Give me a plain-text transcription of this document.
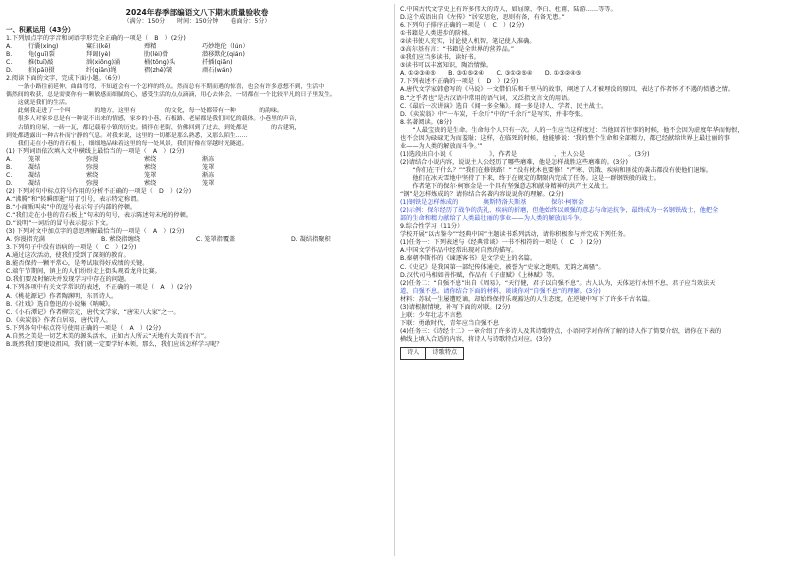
2024年春季部编语文八下期末质量验收卷
（满分：150分　　时间：150分钟　　卷面分：5分）
一、积累运用（43分）
1.下列加点字的字音和词语字形完全正确的一项是（　B　）(2分)
A.	行囊(xíng)	窠臼(kē)	殚精	巧妙绝伦（lún）
B.	龟(guī)裂	拜谒(yè)	肋(lèi)骨	潜移默化(qián)
C.	推(tuī)敲	汹(xiōng)涌	桶(tǒng)头	扦插(qiān)
D.	拍(pāi)摄	纤(qiān)绳	褶(zhě)皱	顽石(wán)
2.阅读下面的文字，完成下面小题。（6分）
　　一条小路往前延伸，曲曲弯弯，不知道会有一个怎样的终点。然而总有不期而遇的惊喜，也会有许多意想不到，生活中
偶然间的收获，总是需要你有一颗敏感而细腻的心，感受生活的点点滴滴，用心去体会，一切都在一个比较平凡的日子里发生。
　　这就是我们的生活。
　　此刻我走进了一个叫　　　　的地方，这里有　　　　　的文化，每一处都带有一种　　　　的韵味。
　　很多人对家乡总是有一种说不出来的情感，家乡的小巷、石板路、老屋都是我们回忆的载体。小巷里的声音，
　　古镇的房屋，一砖一瓦，都记载着小镇的历史。徜徉在老街，仿佛回到了过去，到处都是　　　　的古建筑，
到处都透露出一种古朴而宁静的气息。对我来说，这里的一切都是那么熟悉，又那么陌生……
　　我们走在小巷的青石板上，细细地品味着这里的每一处风景，我们好像在穿越时光隧道。
(1) 下列词语依次填入文中横线上最恰当的一项是（　A　）(2分)
A.	笼罩	弥漫	萦绕	渐冻
B.	凝结	弥漫	萦绕	笼罩
C.	凝结	萦绕	笼罩	渐冻
D.	凝结	弥漫	萦绕	笼罩
(2) 下列对句中标点符号作用的分析不正确的一项是（　D　）(2分)
A.“沸腾”和“转瞬即逝”用了引号，表示特定称谓。
B.“小商贩叫卖”中的逗号表示句子内部的停顿。
C.“我们走在小巷的青石板上”句末的句号，表示陈述句末尾的停顿。
D.“说明”一词后的冒号表示提示下文。
(3) 下列对文中加点字的意思理解最恰当的一项是（　A　）(2分)
A. 弥漫指充满	B. 萦绕指缠绕	C. 笼罩指覆盖	D. 凝结指聚积
3.下列句子中没有语病的一项是（　C　）(2分)
A.通过这次活动，使我们受到了深刻的教育。
B.能否保持一颗平常心，是考试取得好成绩的关键。
C.端午节期间，镇上的人们纷纷走上街头观看龙舟比赛。
D.我们要及时解决并发现学习中存在的问题。
4.下列各项中有关文学常识的表述，不正确的一项是（　A　）(2分)
A.《桃花源记》作者陶渊明，东晋诗人。
B.《社戏》选自鲁迅的小说集《呐喊》。
C.《小石潭记》作者柳宗元，唐代文学家，“唐宋八大家”之一。
D.《卖炭翁》作者白居易，唐代诗人。
5.下列各句中标点符号使用正确的一项是（　A　）(2分)
A.自然之美是一切艺术美的源头活水，正如古人所云“天地有大美而不言”。
B.既然我们要建设祖国，我们就一定要学好本领，那么，我们应该怎样学习呢？
C.中国古代文学史上有许多伟大的诗人，如屈原、李白、杜甫、陆游……等等。
D.这个成语出自《左传》“居安思危，思则有备，有备无患。”
6.下列句子排序正确的一项是（　C　）(2分)
①书籍是人类进步的阶梯。
②读书使人充实，讨论使人机智，笔记使人准确。
③高尔基有言：“书籍是全世界的营养品。”
④我们应当多读书，读好书。
⑤读书可以丰富知识，陶冶情操。
A. ①②③④⑤　　B. ③①⑤②④　　C. ③①②⑤④　　D. ①③②④⑤
7.下列表述不正确的一项是（　D　）(2分)
A.唐代文学家韩愈写的《马说》一文借伯乐和千里马的故事，阐述了人才被埋没的原因，表达了作者怀才不遇的愤懑之情。
B.“之乎者也”是古汉语中常用的语气词，又泛指文言文的用语。
C.《最后一次讲演》选自《闻一多全集》。闻一多是诗人、学者、民主战士。
D.《卖炭翁》中“一车炭，千余斤”中的“千余斤”是写实，并非夸张。
8.名著阅读。(8分)
　　“人最宝贵的是生命。生命每个人只有一次。人的一生应当这样度过：当他回首往事的时候，他不会因为虚度年华而悔恨，
也不会因为碌碌无为而羞耻；这样，在临死的时候，他能够说：‘我的整个生命和全部精力，都已经献给世界上最壮丽的事
业——为人类的解放而斗争。’”
(1)选段出自小说《　　　　　　》，作者是　　　　　　，主人公是　　　　　　　。(3分)
(2)请结合小说内容，说说主人公经历了哪些磨难，他是怎样战胜这些磨难的。(3分)
　　“你们在干什么？”“我们在修铁路！” “没有枕木也要修！”严寒、饥饿、疾病和匪徒的袭击都没有使他们退缩。
　　他们在冰天雪地中坚持了下来，终于在规定的期限内完成了任务。这是一群钢铁般的战士。
　　作者笔下的保尔·柯察金是一个具有坚强意志和献身精神的共产主义战士。
“钢”是怎样炼成的？请你结合名著内容说说你的理解。(2分)
(1)钢铁是怎样炼成的　　　　奥斯特洛夫斯基　　　　保尔·柯察金
(2)示例：保尔经历了战争的洗礼、疾病的折磨，但他始终以顽强的意志与命运抗争，最终成为一名钢铁战士，他把全
部的生命和精力献给了人类最壮丽的事业——为人类的解放而斗争。
9.综合性学习（11分）
学校开展“以古鉴今”“经典中国”主题读书系列活动，请你积极参与并完成下列任务。
(1)任务一：下列表述与《经典常谈》一书不相符的一项是（　C　）(2分)
A.中国文学作品中经常出现对自然的描写。
B.秦朝李斯作的《谏逐客书》是文学史上的名篇。
C.《史记》是我国第一部纪传体通史，被誉为“史家之绝唱，无韵之离骚”。
D.汉代司马相如善作赋，作品有《子虚赋》《上林赋》等。
(2)任务二：“自强不息”出自《周易》，“天行健，君子以自强不息”。古人认为，天体运行永恒不息，君子应当效法天
道，自强不息。请你结合下面的材料，谈谈你对“自强不息”的理解。(3分)
材料：苏轼一生屡遭贬谪，却始终保持乐观豁达的人生态度，在逆境中写下了许多千古名篇。
(3)请根据情境，补写下面的对联。(2分)
上联：少年壮志不言愁
下联：勇敢时代，青年应当自强不息
(4)任务三：《诗经十二》一章介绍了许多诗人及其诗歌特点，小语同学对你所了解的诗人作了简要介绍，请你在下表的
横线上填入合适的内容，将诗人与诗歌特点对应。(3分)
诗人	诗歌特点
